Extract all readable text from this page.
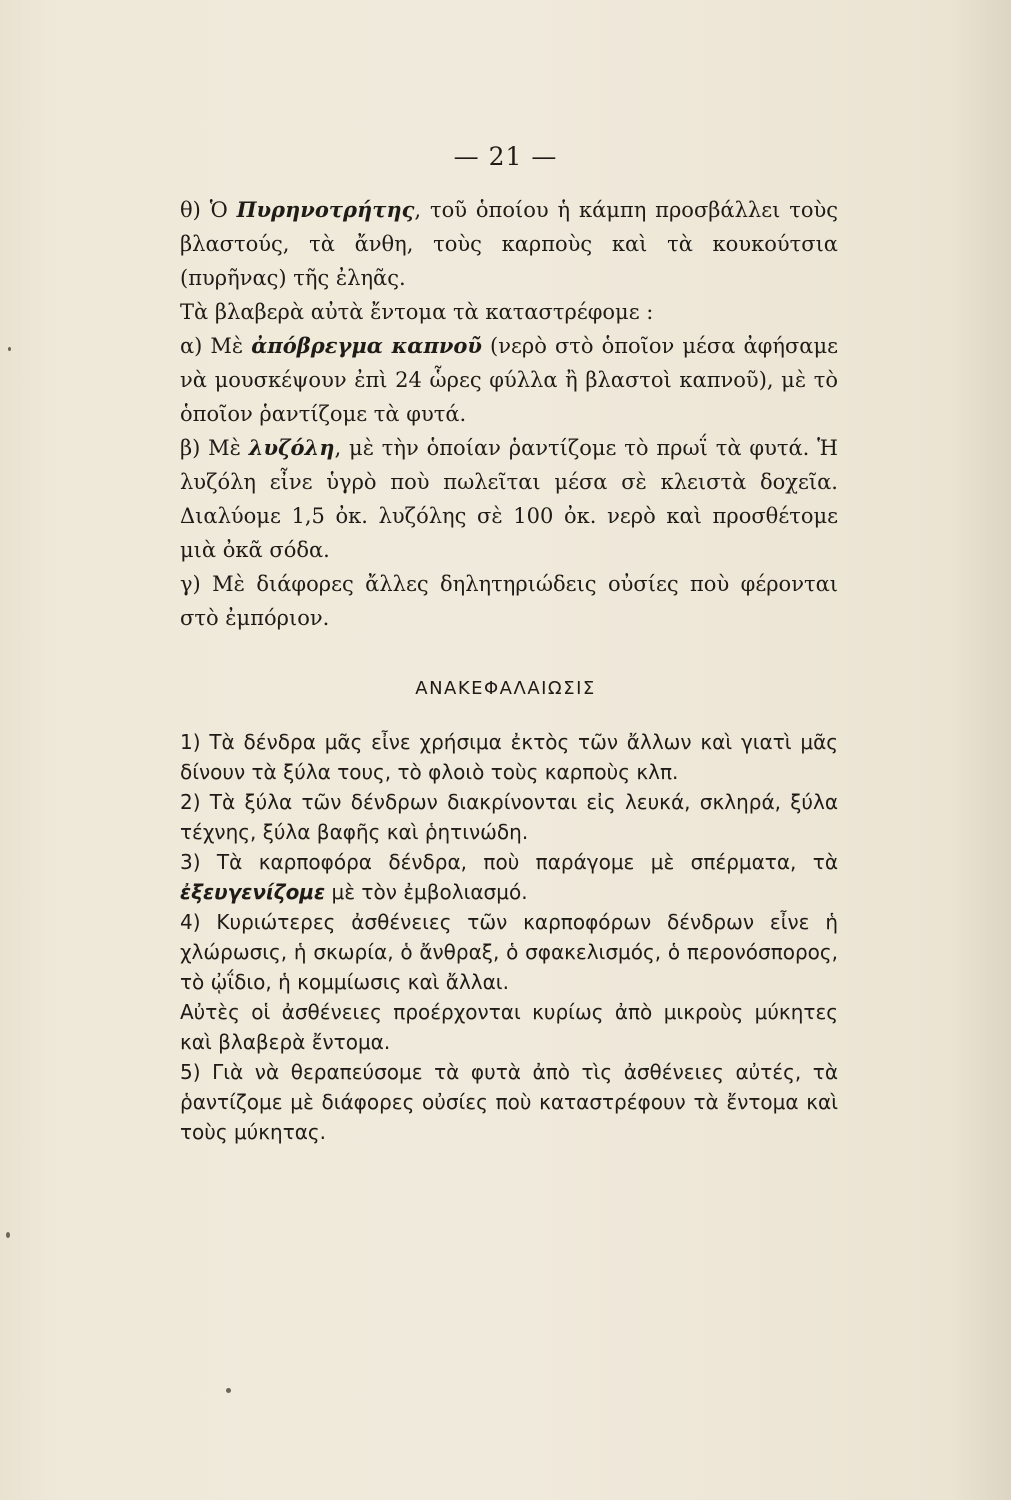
— 21 —

θ) Ὁ Πυρηνοτρήτης, τοῦ ὁποίου ἡ κάμπη προσβάλλει τοὺς βλαστούς, τὰ ἄνθη, τοὺς καρποὺς καὶ τὰ κουκούτσια (πυρῆνας) τῆς ἐληᾶς.

Τὰ βλαβερὰ αὐτὰ ἔντομα τὰ καταστρέφομε :

α) Μὲ ἀπόβρεγμα καπνοῦ (νερὸ στὸ ὁποῖον μέσα ἀφήσαμε νὰ μουσκέψουν ἐπὶ 24 ὧρες φύλλα ἢ βλαστοὶ καπνοῦ), μὲ τὸ ὁποῖον ῥαντίζομε τὰ φυτά.

β) Μὲ λυζόλη, μὲ τὴν ὁποίαν ῥαντίζομε τὸ πρωΐ τὰ φυτά. Ἡ λυζόλη εἶνε ὑγρὸ ποὺ πωλεῖται μέσα σὲ κλειστὰ δοχεῖα. Διαλύομε 1,5 ὀκ. λυζόλης σὲ 100 ὀκ. νερὸ καὶ προσθέτομε μιὰ ὀκᾶ σόδα.

γ) Μὲ διάφορες ἄλλες δηλητηριώδεις οὐσίες ποὺ φέρονται στὸ ἐμπόριον.

ΑΝΑΚΕΦΑΛΑΙΩΣΙΣ

1) Τὰ δένδρα μᾶς εἶνε χρήσιμα ἐκτὸς τῶν ἄλλων καὶ γιατὶ μᾶς δίνουν τὰ ξύλα τους, τὸ φλοιὸ τοὺς καρποὺς κλπ.

2) Τὰ ξύλα τῶν δένδρων διακρίνονται εἰς λευκά, σκληρά, ξύλα τέχνης, ξύλα βαφῆς καὶ ῥητινώδη.

3) Τὰ καρποφόρα δένδρα, ποὺ παράγομε μὲ σπέρματα, τὰ ἐξευγενίζομε μὲ τὸν ἐμβολιασμό.

4) Κυριώτερες ἀσθένειες τῶν καρποφόρων δένδρων εἶνε ἡ χλώρωσις, ἡ σκωρία, ὁ ἄνθραξ, ὁ σφακελισμός, ὁ περονόσπορος, τὸ ᾠΐδιο, ἡ κομμίωσις καὶ ἄλλαι.

Αὐτὲς οἱ ἀσθένειες προέρχονται κυρίως ἀπὸ μικροὺς μύκητες καὶ βλαβερὰ ἔντομα.

5) Γιὰ νὰ θεραπεύσομε τὰ φυτὰ ἀπὸ τὶς ἀσθένειες αὐτές, τὰ ῥαντίζομε μὲ διάφορες οὐσίες ποὺ καταστρέφουν τὰ ἔντομα καὶ τοὺς μύκητας.
